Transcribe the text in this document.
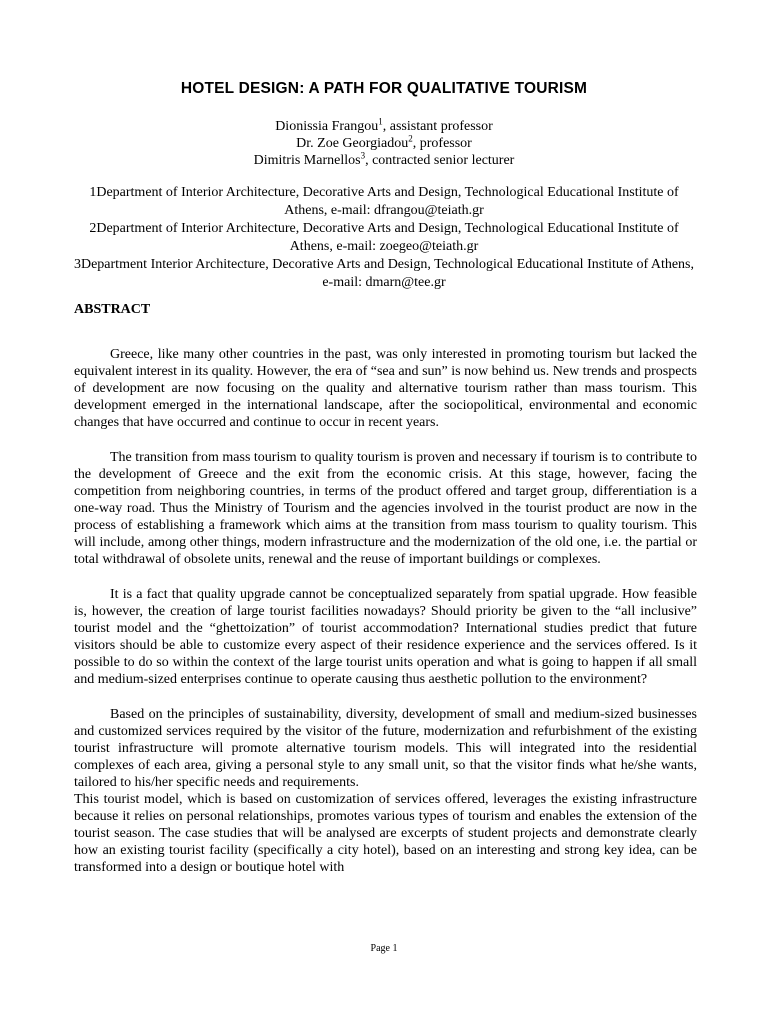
HOTEL DESIGN: A PATH FOR QUALITATIVE TOURISM
Dionissia Frangou$^1$, assistant professor
Dr. Zoe Georgiadou$^2$, professor
Dimitris Marnellos$^3$, contracted senior lecturer
1Department of Interior Architecture, Decorative Arts and Design, Technological Educational Institute of Athens, e-mail: dfrangou@teiath.gr
2Department of Interior Architecture, Decorative Arts and Design, Technological Educational Institute of Athens, e-mail: zoegeo@teiath.gr
3Department Interior Architecture, Decorative Arts and Design, Technological Educational Institute of Athens, e-mail: dmarn@tee.gr
ABSTRACT

Greece, like many other countries in the past, was only interested in promoting tourism but lacked the equivalent interest in its quality. However, the era of “sea and sun” is now behind us. New trends and prospects of development are now focusing on the quality and alternative tourism rather than mass tourism. This development emerged in the international landscape, after the sociopolitical, environmental and economic changes that have occurred and continue to occur in recent years.

The transition from mass tourism to quality tourism is proven and necessary if tourism is to contribute to the development of Greece and the exit from the economic crisis. At this stage, however, facing the competition from neighboring countries, in terms of the product offered and target group, differentiation is a one-way road. Thus the Ministry of Tourism and the agencies involved in the tourist product are now in the process of establishing a framework which aims at the transition from mass tourism to quality tourism. This will include, among other things, modern infrastructure and the modernization of the old one, i.e. the partial or total withdrawal of obsolete units, renewal and the reuse of important buildings or complexes.

It is a fact that quality upgrade cannot be conceptualized separately from spatial upgrade. How feasible is, however, the creation of large tourist facilities nowadays? Should priority be given to the “all inclusive” tourist model and the “ghettoization” of tourist accommodation? International studies predict that future visitors should be able to customize every aspect of their residence experience and the services offered. Is it possible to do so within the context of the large tourist units operation and what is going to happen if all small and medium-sized enterprises continue to operate causing thus aesthetic pollution to the environment?

Based on the principles of sustainability, diversity, development of small and medium-sized businesses and customized services required by the visitor of the future, modernization and refurbishment of the existing tourist infrastructure will promote alternative tourism models. This will integrated into the residential complexes of each area, giving a personal style to any small unit, so that the visitor finds what he/she wants, tailored to his/her specific needs and requirements.

This tourist model, which is based on customization of services offered, leverages the existing infrastructure because it relies on personal relationships, promotes various types of tourism and enables the extension of the tourist season. The case studies that will be analysed are excerpts of student projects and demonstrate clearly how an existing tourist facility (specifically a city hotel), based on an interesting and strong key idea, can be transformed into a design or boutique hotel with

Page 1
